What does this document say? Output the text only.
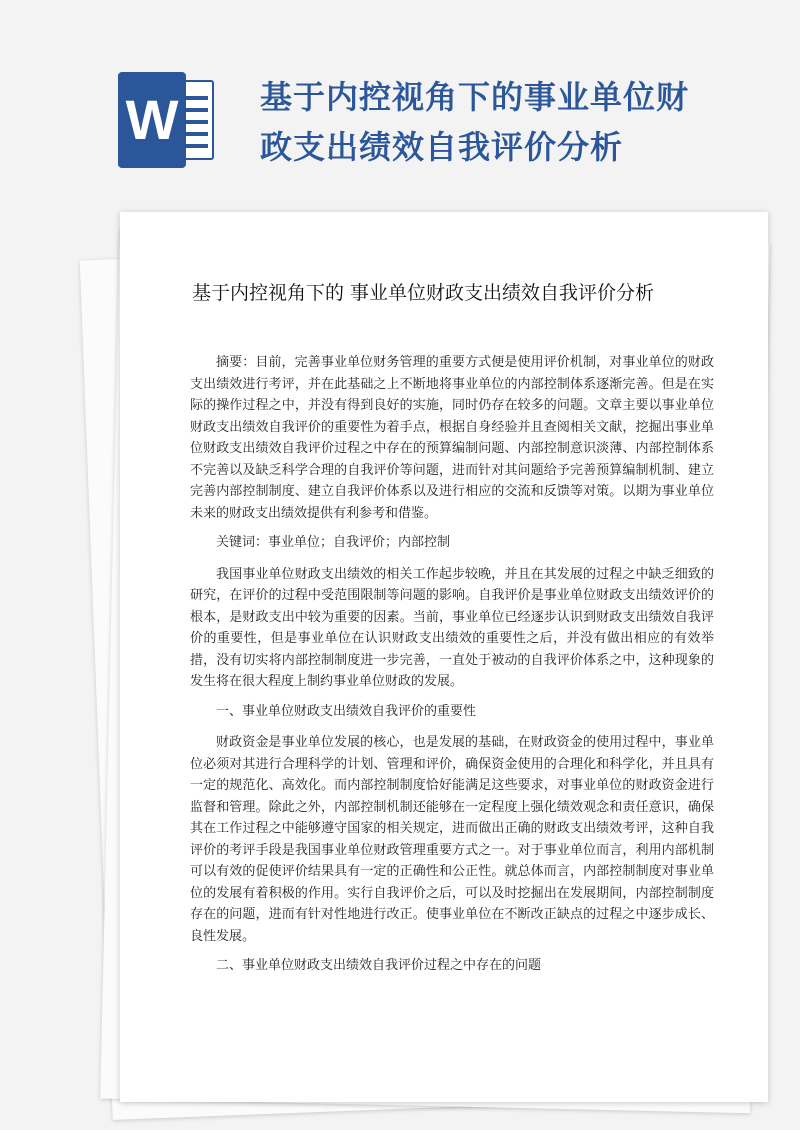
W	基于内控视角下的事业单位财政支出绩效自我评价分析
基于内控视角下的 事业单位财政支出绩效自我评价分析

摘要：目前，完善事业单位财务管理的重要方式便是使用评价机制，对事业单位的财政支出绩效进行考评，并在此基础之上不断地将事业单位的内部控制体系逐渐完善。但是在实际的操作过程之中，并没有得到良好的实施，同时仍存在较多的问题。文章主要以事业单位财政支出绩效自我评价的重要性为着手点，根据自身经验并且查阅相关文献，挖掘出事业单位财政支出绩效自我评价过程之中存在的预算编制问题、内部控制意识淡薄、内部控制体系不完善以及缺乏科学合理的自我评价等问题，进而针对其问题给予完善预算编制机制、建立完善内部控制制度、建立自我评价体系以及进行相应的交流和反馈等对策。以期为事业单位未来的财政支出绩效提供有利参考和借鉴。

关键词：事业单位；自我评价；内部控制

我国事业单位财政支出绩效的相关工作起步较晚，并且在其发展的过程之中缺乏细致的研究，在评价的过程中受范围限制等问题的影响。自我评价是事业单位财政支出绩效评价的根本，是财政支出中较为重要的因素。当前，事业单位已经逐步认识到财政支出绩效自我评价的重要性，但是事业单位在认识财政支出绩效的重要性之后，并没有做出相应的有效举措，没有切实将内部控制制度进一步完善，一直处于被动的自我评价体系之中，这种现象的发生将在很大程度上制约事业单位财政的发展。

一、事业单位财政支出绩效自我评价的重要性

财政资金是事业单位发展的核心，也是发展的基础，在财政资金的使用过程中，事业单位必须对其进行合理科学的计划、管理和评价，确保资金使用的合理化和科学化，并且具有一定的规范化、高效化。而内部控制制度恰好能满足这些要求，对事业单位的财政资金进行监督和管理。除此之外，内部控制机制还能够在一定程度上强化绩效观念和责任意识，确保其在工作过程之中能够遵守国家的相关规定，进而做出正确的财政支出绩效考评，这种自我评价的考评手段是我国事业单位财政管理重要方式之一。对于事业单位而言，利用内部机制可以有效的促使评价结果具有一定的正确性和公正性。就总体而言，内部控制制度对事业单位的发展有着积极的作用。实行自我评价之后，可以及时挖掘出在发展期间，内部控制制度存在的问题，进而有针对性地进行改正。使事业单位在不断改正缺点的过程之中逐步成长、良性发展。

二、事业单位财政支出绩效自我评价过程之中存在的问题
